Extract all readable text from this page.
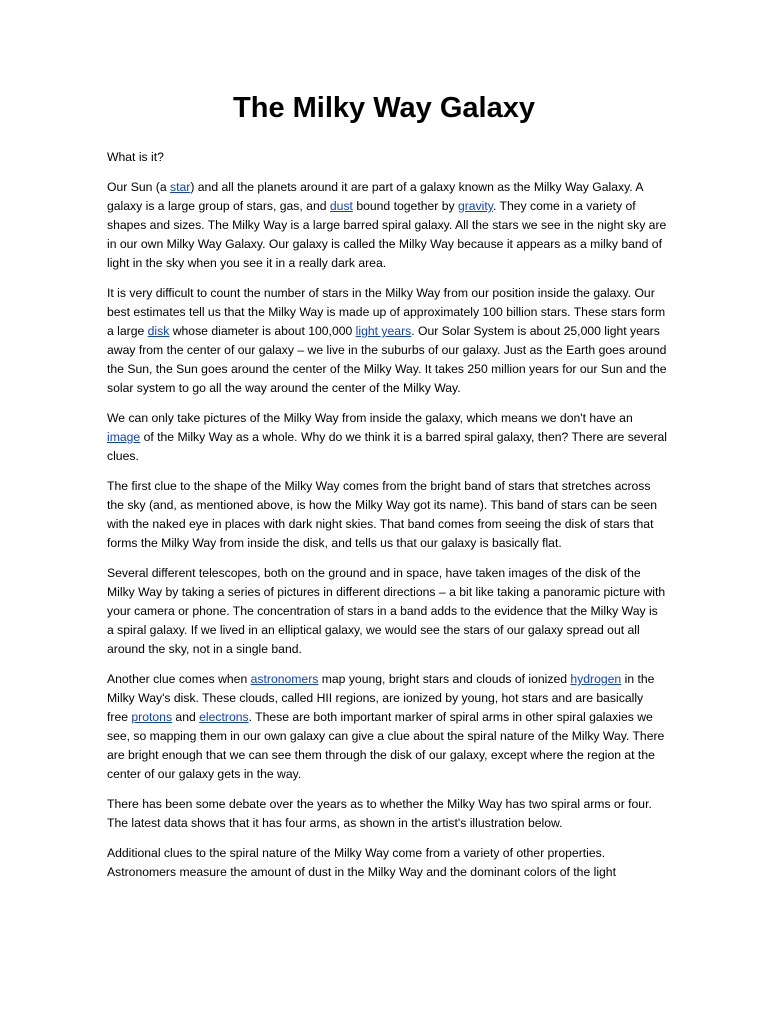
The Milky Way Galaxy

What is it?

Our Sun (a star) and all the planets around it are part of a galaxy known as the Milky Way Galaxy. A galaxy is a large group of stars, gas, and dust bound together by gravity. They come in a variety of shapes and sizes. The Milky Way is a large barred spiral galaxy. All the stars we see in the night sky are in our own Milky Way Galaxy. Our galaxy is called the Milky Way because it appears as a milky band of light in the sky when you see it in a really dark area.

It is very difficult to count the number of stars in the Milky Way from our position inside the galaxy. Our best estimates tell us that the Milky Way is made up of approximately 100 billion stars. These stars form a large disk whose diameter is about 100,000 light years. Our Solar System is about 25,000 light years away from the center of our galaxy – we live in the suburbs of our galaxy. Just as the Earth goes around the Sun, the Sun goes around the center of the Milky Way. It takes 250 million years for our Sun and the solar system to go all the way around the center of the Milky Way.

We can only take pictures of the Milky Way from inside the galaxy, which means we don't have an image of the Milky Way as a whole. Why do we think it is a barred spiral galaxy, then? There are several clues.

The first clue to the shape of the Milky Way comes from the bright band of stars that stretches across the sky (and, as mentioned above, is how the Milky Way got its name). This band of stars can be seen with the naked eye in places with dark night skies. That band comes from seeing the disk of stars that forms the Milky Way from inside the disk, and tells us that our galaxy is basically flat.

Several different telescopes, both on the ground and in space, have taken images of the disk of the Milky Way by taking a series of pictures in different directions – a bit like taking a panoramic picture with your camera or phone. The concentration of stars in a band adds to the evidence that the Milky Way is a spiral galaxy. If we lived in an elliptical galaxy, we would see the stars of our galaxy spread out all around the sky, not in a single band.

Another clue comes when astronomers map young, bright stars and clouds of ionized hydrogen in the Milky Way's disk. These clouds, called HII regions, are ionized by young, hot stars and are basically free protons and electrons. These are both important marker of spiral arms in other spiral galaxies we see, so mapping them in our own galaxy can give a clue about the spiral nature of the Milky Way. There are bright enough that we can see them through the disk of our galaxy, except where the region at the center of our galaxy gets in the way.

There has been some debate over the years as to whether the Milky Way has two spiral arms or four. The latest data shows that it has four arms, as shown in the artist's illustration below.

Additional clues to the spiral nature of the Milky Way come from a variety of other properties. Astronomers measure the amount of dust in the Milky Way and the dominant colors of the light
